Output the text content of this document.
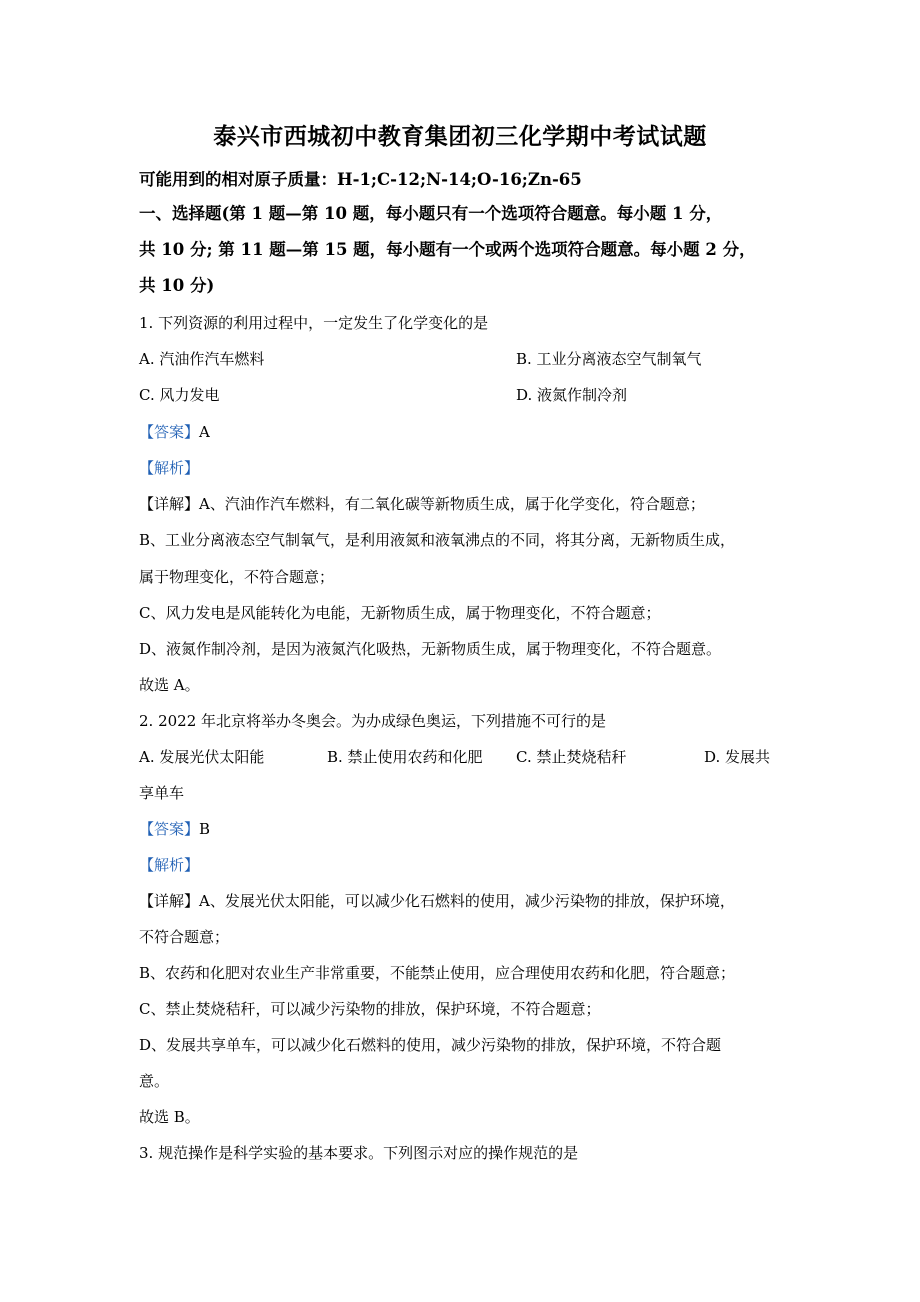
泰兴市西城初中教育集团初三化学期中考试试题
可能用到的相对原子质量：H-1;C-12;N-14;O-16;Zn-65
一、选择题(第 1 题—第 10 题，每小题只有一个选项符合题意。每小题 1 分，
共 10 分; 第 11 题—第 15 题，每小题有一个或两个选项符合题意。每小题 2 分，
共 10 分)
1. 下列资源的利用过程中，一定发生了化学变化的是
A. 汽油作汽车燃料	B. 工业分离液态空气制氧气
C. 风力发电	D. 液氮作制冷剂
【答案】A
【解析】
【详解】A、汽油作汽车燃料，有二氧化碳等新物质生成，属于化学变化，符合题意；
B、工业分离液态空气制氧气，是利用液氮和液氧沸点的不同，将其分离，无新物质生成，
属于物理变化，不符合题意；
C、风力发电是风能转化为电能，无新物质生成，属于物理变化，不符合题意；
D、液氮作制冷剂，是因为液氮汽化吸热，无新物质生成，属于物理变化，不符合题意。
故选 A。
2. 2022 年北京将举办冬奥会。为办成绿色奥运，下列措施不可行的是
A. 发展光伏太阳能	B. 禁止使用农药和化肥 C. 禁止焚烧秸秆	D. 发展共
享单车
【答案】B
【解析】
【详解】A、发展光伏太阳能，可以减少化石燃料的使用，减少污染物的排放，保护环境，
不符合题意；
B、农药和化肥对农业生产非常重要，不能禁止使用，应合理使用农药和化肥，符合题意；
C、禁止焚烧秸秆，可以减少污染物的排放，保护环境，不符合题意；
D、发展共享单车，可以减少化石燃料的使用，减少污染物的排放，保护环境，不符合题
意。
故选 B。
3. 规范操作是科学实验的基本要求。下列图示对应的操作规范的是
